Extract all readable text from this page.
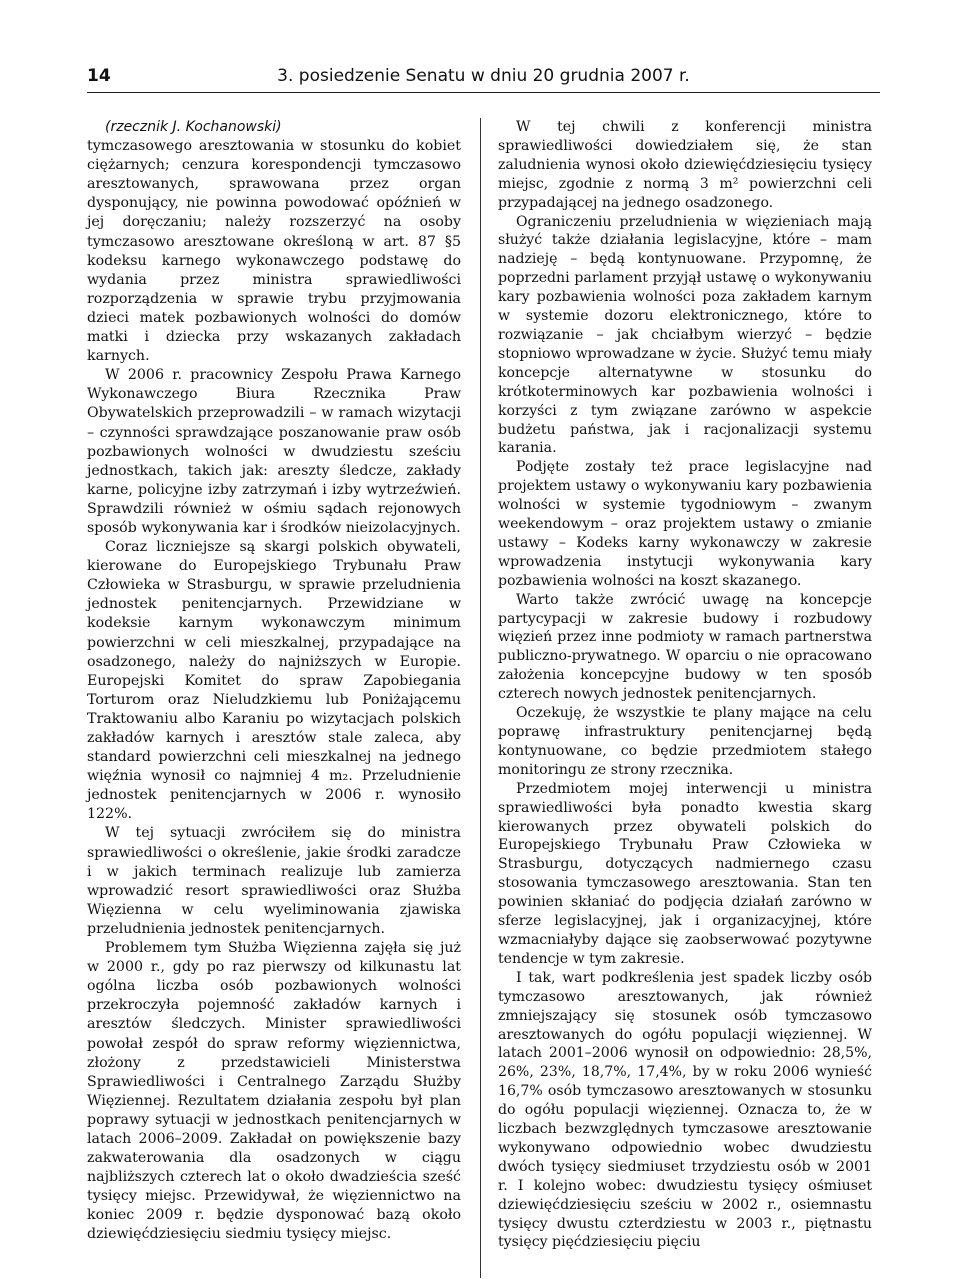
14	3. posiedzenie Senatu w dniu 20 grudnia 2007 r.

(rzecznik J. Kochanowski)

tymczasowego aresztowania w stosunku do kobiet ciężarnych; cenzura korespondencji tymczasowo aresztowanych, sprawowana przez organ dysponujący, nie powinna powodować opóźnień w jej doręczaniu; należy rozszerzyć na osoby tymczasowo aresztowane określoną w art. 87 §5 kodeksu karnego wykonawczego podstawę do wydania przez ministra sprawiedliwości rozporządzenia w sprawie trybu przyjmowania dzieci matek pozbawionych wolności do domów matki i dziecka przy wskazanych zakładach karnych.

W 2006 r. pracownicy Zespołu Prawa Karnego Wykonawczego Biura Rzecznika Praw Obywatelskich przeprowadzili – w ramach wizytacji – czynności sprawdzające poszanowanie praw osób pozbawionych wolności w dwudziestu sześciu jednostkach, takich jak: areszty śledcze, zakłady karne, policyjne izby zatrzymań i izby wytrzeźwień. Sprawdzili również w ośmiu sądach rejonowych sposób wykonywania kar i środków nieizolacyjnych.

Coraz liczniejsze są skargi polskich obywateli, kierowane do Europejskiego Trybunału Praw Człowieka w Strasburgu, w sprawie przeludnienia jednostek penitencjarnych. Przewidziane w kodeksie karnym wykonawczym minimum powierzchni w celi mieszkalnej, przypadające na osadzonego, należy do najniższych w Europie. Europejski Komitet do spraw Zapobiegania Torturom oraz Nieludzkiemu lub Poniżającemu Traktowaniu albo Karaniu po wizytacjach polskich zakładów karnych i aresztów stale zaleca, aby standard powierzchni celi mieszkalnej na jednego więźnia wynosił co najmniej 4 m₂. Przeludnienie jednostek penitencjarnych w 2006 r. wynosiło 122%.

W tej sytuacji zwróciłem się do ministra sprawiedliwości o określenie, jakie środki zaradcze i w jakich terminach realizuje lub zamierza wprowadzić resort sprawiedliwości oraz Służba Więzienna w celu wyeliminowania zjawiska przeludnienia jednostek penitencjarnych.

Problemem tym Służba Więzienna zajęła się już w 2000 r., gdy po raz pierwszy od kilkunastu lat ogólna liczba osób pozbawionych wolności przekroczyła pojemność zakładów karnych i aresztów śledczych. Minister sprawiedliwości powołał zespół do spraw reformy więziennictwa, złożony z przedstawicieli Ministerstwa Sprawiedliwości i Centralnego Zarządu Służby Więziennej. Rezultatem działania zespołu był plan poprawy sytuacji w jednostkach penitencjarnych w latach 2006–2009. Zakładał on powiększenie bazy zakwaterowania dla osadzonych w ciągu najbliższych czterech lat o około dwadzieścia sześć tysięcy miejsc. Przewidywał, że więziennictwo na koniec 2009 r. będzie dysponować bazą około dziewięćdziesięciu siedmiu tysięcy miejsc.

W tej chwili z konferencji ministra sprawiedliwości dowiedziałem się, że stan zaludnienia wynosi około dziewięćdziesięciu tysięcy miejsc, zgodnie z normą 3 m² powierzchni celi przypadającej na jednego osadzonego.

Ograniczeniu przeludnienia w więzieniach mają służyć także działania legislacyjne, które – mam nadzieję – będą kontynuowane. Przypomnę, że poprzedni parlament przyjął ustawę o wykonywaniu kary pozbawienia wolności poza zakładem karnym w systemie dozoru elektronicznego, które to rozwiązanie – jak chciałbym wierzyć – będzie stopniowo wprowadzane w życie. Służyć temu miały koncepcje alternatywne w stosunku do krótkoterminowych kar pozbawienia wolności i korzyści z tym związane zarówno w aspekcie budżetu państwa, jak i racjonalizacji systemu karania.

Podjęte zostały też prace legislacyjne nad projektem ustawy o wykonywaniu kary pozbawienia wolności w systemie tygodniowym – zwanym weekendowym – oraz projektem ustawy o zmianie ustawy – Kodeks karny wykonawczy w zakresie wprowadzenia instytucji wykonywania kary pozbawienia wolności na koszt skazanego.

Warto także zwrócić uwagę na koncepcje partycypacji w zakresie budowy i rozbudowy więzień przez inne podmioty w ramach partnerstwa publiczno-prywatnego. W oparciu o nie opracowano założenia koncepcyjne budowy w ten sposób czterech nowych jednostek penitencjarnych.

Oczekuję, że wszystkie te plany mające na celu poprawę infrastruktury penitencjarnej będą kontynuowane, co będzie przedmiotem stałego monitoringu ze strony rzecznika.

Przedmiotem mojej interwencji u ministra sprawiedliwości była ponadto kwestia skarg kierowanych przez obywateli polskich do Europejskiego Trybunału Praw Człowieka w Strasburgu, dotyczących nadmiernego czasu stosowania tymczasowego aresztowania. Stan ten powinien skłaniać do podjęcia działań zarówno w sferze legislacyjnej, jak i organizacyjnej, które wzmacniałyby dające się zaobserwować pozytywne tendencje w tym zakresie.

I tak, wart podkreślenia jest spadek liczby osób tymczasowo aresztowanych, jak również zmniejszający się stosunek osób tymczasowo aresztowanych do ogółu populacji więziennej. W latach 2001–2006 wynosił on odpowiednio: 28,5%, 26%, 23%, 18,7%, 17,4%, by w roku 2006 wynieść 16,7% osób tymczasowo aresztowanych w stosunku do ogółu populacji więziennej. Oznacza to, że w liczbach bezwzględnych tymczasowe aresztowanie wykonywano odpowiednio wobec dwudziestu dwóch tysięcy siedmiuset trzydziestu osób w 2001 r. I kolejno wobec: dwudziestu tysięcy ośmiuset dziewięćdziesięciu sześciu w 2002 r., osiemnastu tysięcy dwustu czterdziestu w 2003 r., piętnastu tysięcy pięćdziesięciu pięciu
